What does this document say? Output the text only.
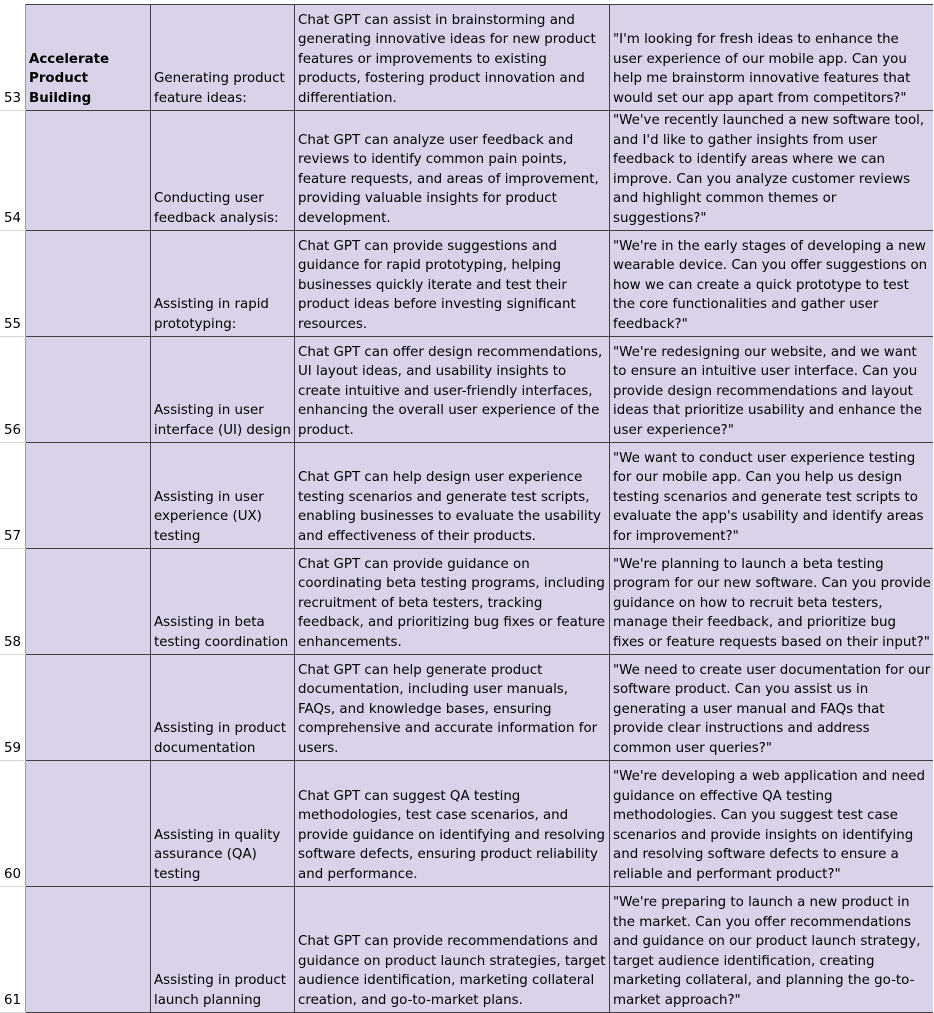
53	Accelerate Product Building	Generating product feature ideas:	Chat GPT can assist in brainstorming and generating innovative ideas for new product features or improvements to existing products, fostering product innovation and differentiation.	"I'm looking for fresh ideas to enhance the user experience of our mobile app. Can you help me brainstorm innovative features that would set our app apart from competitors?"
54		Conducting user feedback analysis:	Chat GPT can analyze user feedback and reviews to identify common pain points, feature requests, and areas of improvement, providing valuable insights for product development.	"We've recently launched a new software tool, and I'd like to gather insights from user feedback to identify areas where we can improve. Can you analyze customer reviews and highlight common themes or suggestions?"
55		Assisting in rapid prototyping:	Chat GPT can provide suggestions and guidance for rapid prototyping, helping businesses quickly iterate and test their product ideas before investing significant resources.	"We're in the early stages of developing a new wearable device. Can you offer suggestions on how we can create a quick prototype to test the core functionalities and gather user feedback?"
56		Assisting in user interface (UI) design	Chat GPT can offer design recommendations, UI layout ideas, and usability insights to create intuitive and user-friendly interfaces, enhancing the overall user experience of the product.	"We're redesigning our website, and we want to ensure an intuitive user interface. Can you provide design recommendations and layout ideas that prioritize usability and enhance the user experience?"
57		Assisting in user experience (UX) testing	Chat GPT can help design user experience testing scenarios and generate test scripts, enabling businesses to evaluate the usability and effectiveness of their products.	"We want to conduct user experience testing for our mobile app. Can you help us design testing scenarios and generate test scripts to evaluate the app's usability and identify areas for improvement?"
58		Assisting in beta testing coordination	Chat GPT can provide guidance on coordinating beta testing programs, including recruitment of beta testers, tracking feedback, and prioritizing bug fixes or feature enhancements.	"We're planning to launch a beta testing program for our new software. Can you provide guidance on how to recruit beta testers, manage their feedback, and prioritize bug fixes or feature requests based on their input?"
59		Assisting in product documentation	Chat GPT can help generate product documentation, including user manuals, FAQs, and knowledge bases, ensuring comprehensive and accurate information for users.	"We need to create user documentation for our software product. Can you assist us in generating a user manual and FAQs that provide clear instructions and address common user queries?"
60		Assisting in quality assurance (QA) testing	Chat GPT can suggest QA testing methodologies, test case scenarios, and provide guidance on identifying and resolving software defects, ensuring product reliability and performance.	"We're developing a web application and need guidance on effective QA testing methodologies. Can you suggest test case scenarios and provide insights on identifying and resolving software defects to ensure a reliable and performant product?"
61		Assisting in product launch planning	Chat GPT can provide recommendations and guidance on product launch strategies, target audience identification, marketing collateral creation, and go-to-market plans.	"We're preparing to launch a new product in the market. Can you offer recommendations and guidance on our product launch strategy, target audience identification, creating marketing collateral, and planning the go-to-market approach?"
